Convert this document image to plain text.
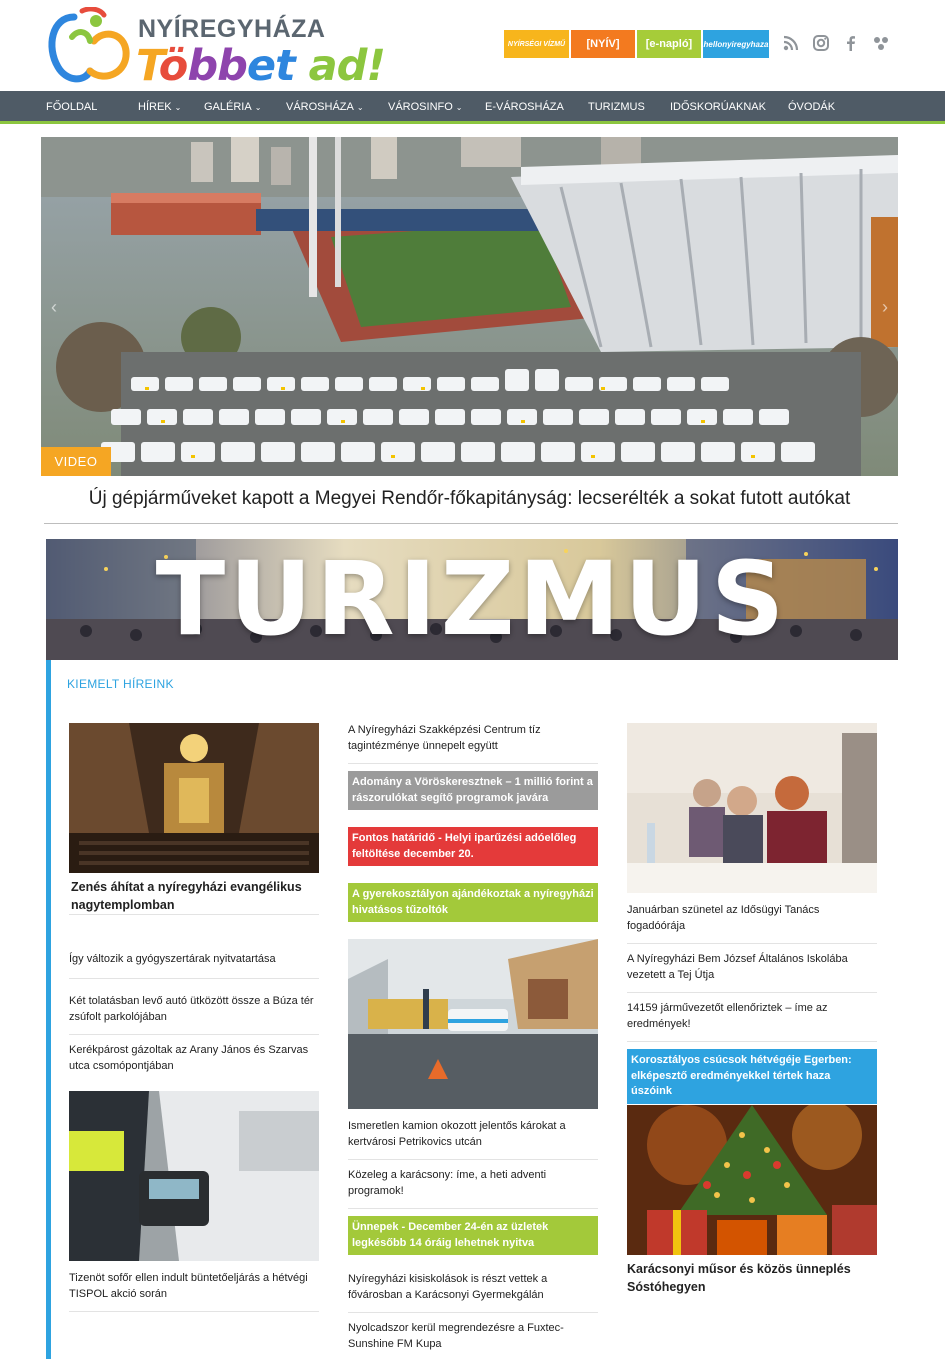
NYÍREGYHÁZA
Többet ad!	NYÍRSÉGI VÍZMŰ	[NYÍV]	[e-napló]	hellonyiregyhaza
FŐOLDAL	HÍREK ⌄	GALÉRIA ⌄	VÁROSHÁZA ⌄	VÁROSINFO ⌄	E-VÁROSHÁZA	TURIZMUS	IDŐSKORÚAKNAK	ÓVODÁK
‹	›
VIDEO
Új gépjárműveket kapott a Megyei Rendőr-főkapitányság: lecserélték a sokat futott autókat
TURIZMUS
KIEMELT HÍREINK
Zenés áhítat a nyíregyházi evangélikus nagytemplomban
Így változik a gyógyszertárak nyitvatartása
Két tolatásban levő autó ütközött össze a Búza tér zsúfolt parkolójában
Kerékpárost gázoltak az Arany János és Szarvas utca csomópontjában
Tizenöt sofőr ellen indult büntetőeljárás a hétvégi TISPOL akció során
A Nyíregyházi Szakképzési Centrum tíz tagintézménye ünnepelt együtt
Adomány a Vöröskeresztnek – 1 millió forint a rászorulókat segítő programok javára
Fontos határidő - Helyi iparűzési adóelőleg feltöltése december 20.
A gyerekosztályon ajándékoztak a nyíregyházi hivatásos tűzoltók
Ismeretlen kamion okozott jelentős károkat a kertvárosi Petrikovics utcán
Közeleg a karácsony: íme, a heti adventi programok!
Ünnepek - December 24-én az üzletek legkésőbb 14 óráig lehetnek nyitva
Nyíregyházi kisiskolások is részt vettek a fővárosban a Karácsonyi Gyermekgálán
Nyolcadszor kerül megrendezésre a Fuxtec-Sunshine FM Kupa
Januárban szünetel az Idősügyi Tanács fogadóórája
A Nyíregyházi Bem József Általános Iskolába vezetett a Tej Útja
14159 járművezetőt ellenőriztek – íme az eredmények!
Korosztályos csúcsok hétvégéje Egerben: elképesztő eredményekkel tértek haza úszóink
Karácsonyi műsor és közös ünneplés Sóstóhegyen
